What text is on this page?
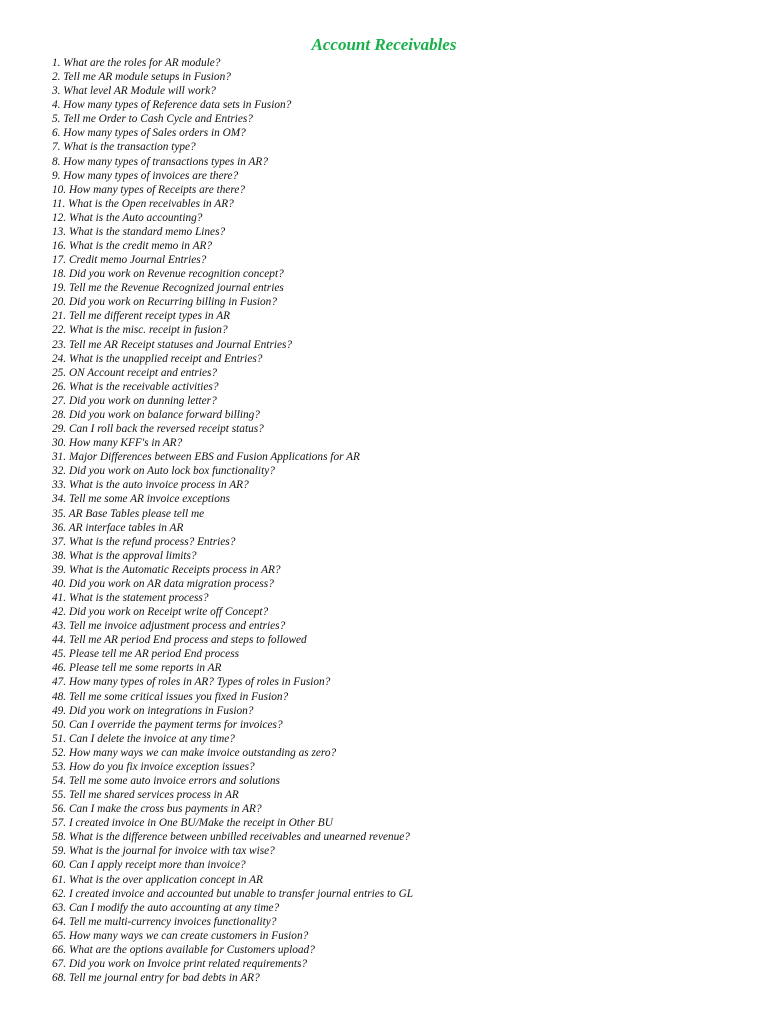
Account Receivables
1. What are the roles for AR module?
2. Tell me AR module setups in Fusion?
3. What level AR Module will work?
4. How many types of Reference data sets in Fusion?
5. Tell me Order to Cash Cycle and Entries?
6. How many types of Sales orders in OM?
7. What is the transaction type?
8. How many types of transactions types in AR?
9. How many types of invoices are there?
10. How many types of Receipts are there?
11. What is the Open receivables in AR?
12. What is the Auto accounting?
13. What is the standard memo Lines?
16. What is the credit memo in AR?
17. Credit memo Journal Entries?
18. Did you work on Revenue recognition concept?
19. Tell me the Revenue Recognized journal entries
20. Did you work on Recurring billing in Fusion?
21. Tell me different receipt types in AR
22. What is the misc. receipt in fusion?
23. Tell me AR Receipt statuses and Journal Entries?
24. What is the unapplied receipt and Entries?
25. ON Account receipt and entries?
26. What is the receivable activities?
27. Did you work on dunning letter?
28. Did you work on balance forward billing?
29. Can I roll back the reversed receipt status?
30. How many KFF's in AR?
31. Major Differences between EBS and Fusion Applications for AR
32. Did you work on Auto lock box functionality?
33. What is the auto invoice process in AR?
34. Tell me some AR invoice exceptions
35. AR Base Tables please tell me
36. AR interface tables in AR
37. What is the refund process? Entries?
38. What is the approval limits?
39. What is the Automatic Receipts process in AR?
40. Did you work on AR data migration process?
41. What is the statement process?
42. Did you work on Receipt write off Concept?
43. Tell me invoice adjustment process and entries?
44. Tell me AR period End process and steps to followed
45. Please tell me AR period End process
46. Please tell me some reports in AR
47. How many types of roles in AR? Types of roles in Fusion?
48. Tell me some critical issues you fixed in Fusion?
49. Did you work on integrations in Fusion?
50. Can I override the payment terms for invoices?
51. Can I delete the invoice at any time?
52. How many ways we can make invoice outstanding as zero?
53. How do you fix invoice exception issues?
54. Tell me some auto invoice errors and solutions
55. Tell me shared services process in AR
56. Can I make the cross bus payments in AR?
57. I created invoice in One BU/Make the receipt in Other BU
58. What is the difference between unbilled receivables and unearned revenue?
59. What is the journal for invoice with tax wise?
60. Can I apply receipt more than invoice?
61. What is the over application concept in AR
62. I created invoice and accounted but unable to transfer journal entries to GL
63. Can I modify the auto accounting at any time?
64. Tell me multi-currency invoices functionality?
65. How many ways we can create customers in Fusion?
66. What are the options available for Customers upload?
67. Did you work on Invoice print related requirements?
68. Tell me journal entry for bad debts in AR?
